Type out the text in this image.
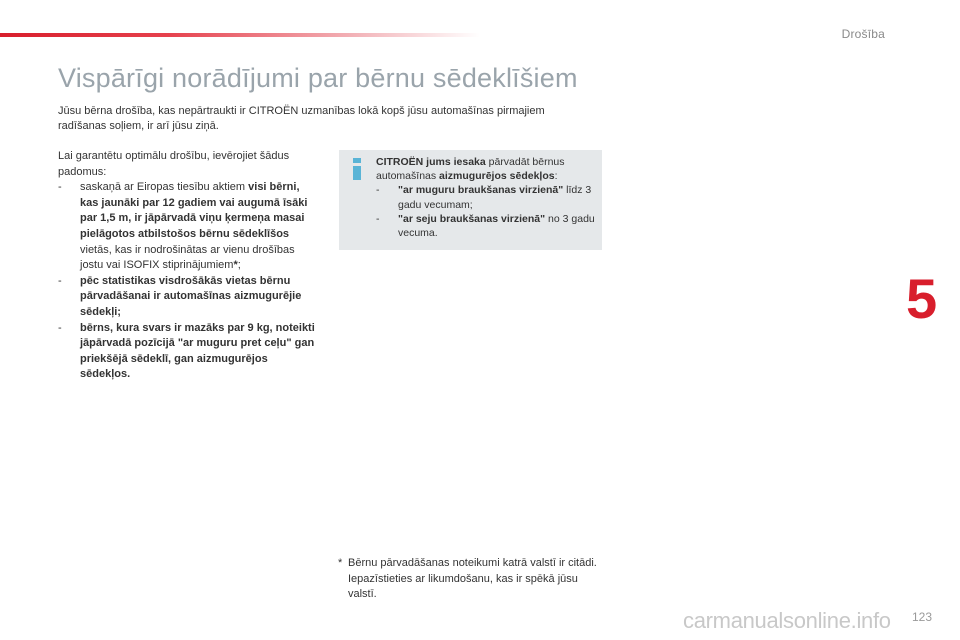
Drošība
Vispārīgi norādījumi par bērnu sēdeklīšiem
Jūsu bērna drošība, kas nepārtraukti ir CITROËN uzmanības lokā kopš jūsu automašīnas pirmajiem radīšanas soļiem, ir arī jūsu ziņā.

Lai garantētu optimālu drošību, ievērojiet šādus padomus:

-	saskaņā ar Eiropas tiesību aktiem visi bērni, kas jaunāki par 12 gadiem vai augumā īsāki par 1,5 m, ir jāpārvadā viņu ķermeņa masai pielāgotos atbilstošos bērnu sēdeklīšos vietās, kas ir nodrošinātas ar vienu drošības jostu vai ISOFIX stiprinājumiem*;
-	pēc statistikas visdrošākās vietas bērnu pārvadāšanai ir automašīnas aizmugurējie sēdekļi;
-	bērns, kura svars ir mazāks par 9 kg, noteikti jāpārvadā pozīcijā "ar muguru pret ceļu" gan priekšējā sēdeklī, gan aizmugurējos sēdekļos.

CITROËN jums iesaka pārvadāt bērnus automašīnas aizmugurējos sēdekļos:

-	"ar muguru braukšanas virzienā" līdz 3 gadu vecumam;
-	"ar seju braukšanas virzienā" no 3 gadu vecuma.
5
* Bērnu pārvadāšanas noteikumi katrā valstī ir citādi. Iepazīstieties ar likumdošanu, kas ir spēkā jūsu valstī.
carmanualsonline.info 123
